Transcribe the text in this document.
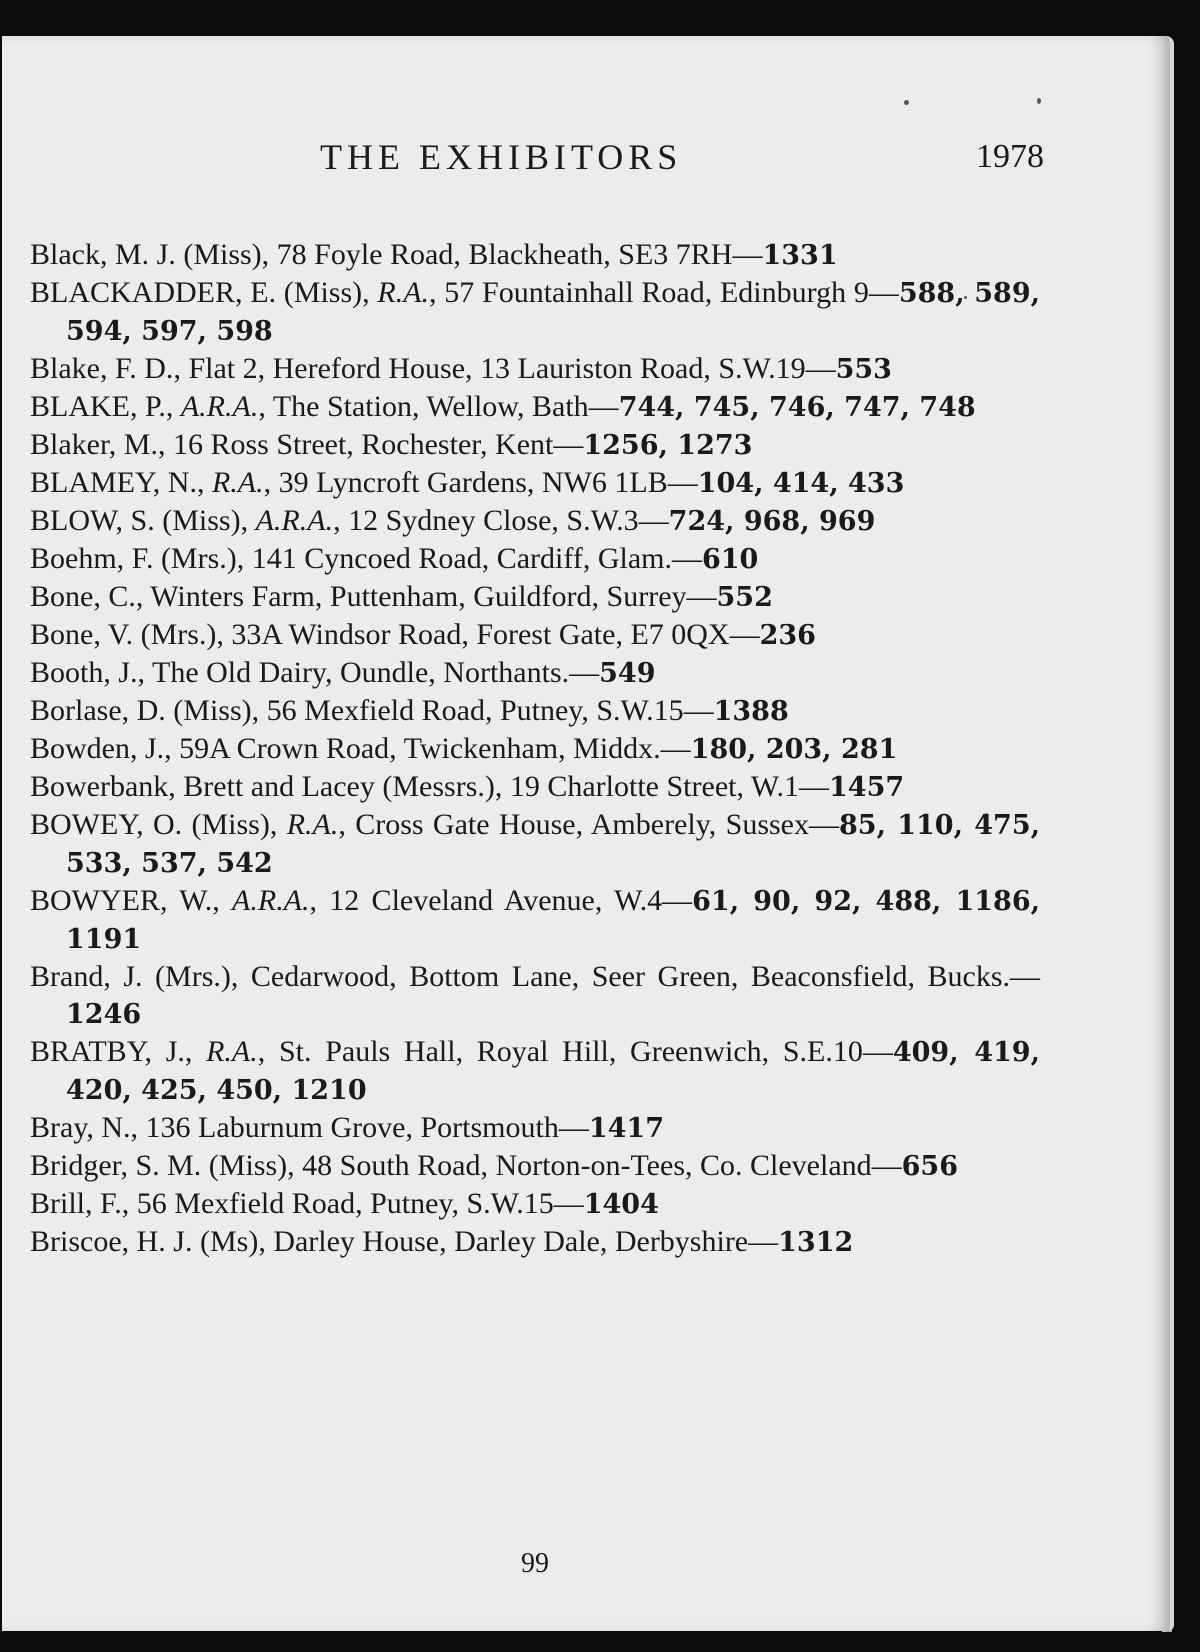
THE EXHIBITORS	1978

Black, M. J. (Miss), 78 Foyle Road, Blackheath, SE3 7RH—1331

BLACKADDER, E. (Miss), R.A., 57 Fountainhall Road, Edinburgh 9—588, 589, 594, 597, 598

Blake, F. D., Flat 2, Hereford House, 13 Lauriston Road, S.W.19—553

BLAKE, P., A.R.A., The Station, Wellow, Bath—744, 745, 746, 747, 748

Blaker, M., 16 Ross Street, Rochester, Kent—1256, 1273

BLAMEY, N., R.A., 39 Lyncroft Gardens, NW6 1LB—104, 414, 433

BLOW, S. (Miss), A.R.A., 12 Sydney Close, S.W.3—724, 968, 969

Boehm, F. (Mrs.), 141 Cyncoed Road, Cardiff, Glam.—610

Bone, C., Winters Farm, Puttenham, Guildford, Surrey—552

Bone, V. (Mrs.), 33A Windsor Road, Forest Gate, E7 0QX—236

Booth, J., The Old Dairy, Oundle, Northants.—549

Borlase, D. (Miss), 56 Mexfield Road, Putney, S.W.15—1388

Bowden, J., 59A Crown Road, Twickenham, Middx.—180, 203, 281

Bowerbank, Brett and Lacey (Messrs.), 19 Charlotte Street, W.1—1457

BOWEY, O. (Miss), R.A., Cross Gate House, Amberely, Sussex—85, 110, 475, 533, 537, 542

BOWYER, W., A.R.A., 12 Cleveland Avenue, W.4—61, 90, 92, 488, 1186, 1191

Brand, J. (Mrs.), Cedarwood, Bottom Lane, Seer Green, Beaconsfield, Bucks.—1246

BRATBY, J., R.A., St. Pauls Hall, Royal Hill, Greenwich, S.E.10—409, 419, 420, 425, 450, 1210

Bray, N., 136 Laburnum Grove, Portsmouth—1417

Bridger, S. M. (Miss), 48 South Road, Norton-on-Tees, Co. Cleveland—656

Brill, F., 56 Mexfield Road, Putney, S.W.15—1404

Briscoe, H. J. (Ms), Darley House, Darley Dale, Derbyshire—1312

99
